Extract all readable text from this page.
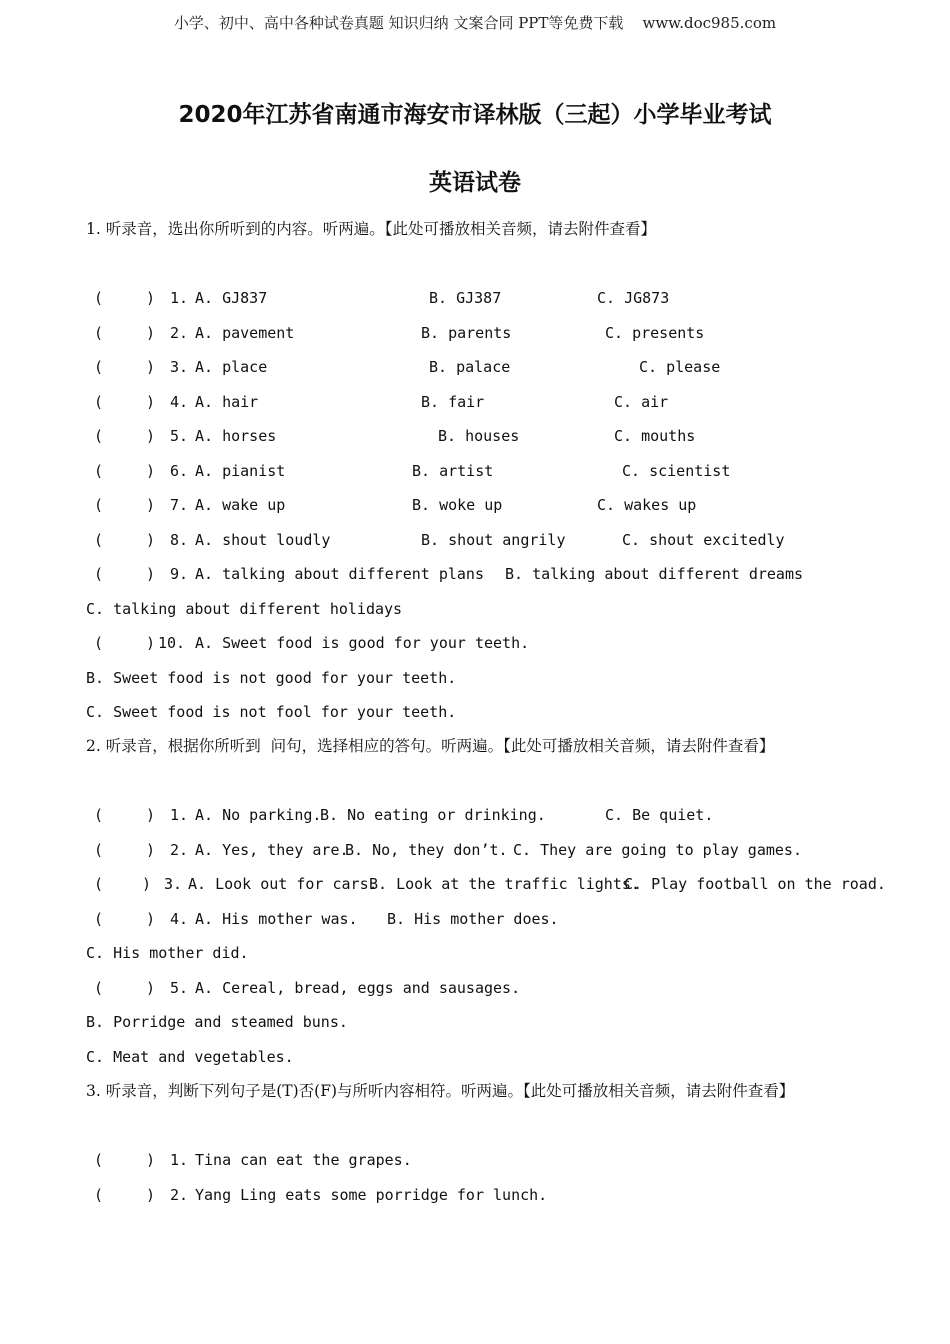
小学、初中、高中各种试卷真题 知识归纳 文案合同 PPT等免费下载    www.doc985.com
2020年江苏省南通市海安市译林版（三起）小学毕业考试
英语试卷
1. 听录音，选出你所听到的内容。听两遍。【此处可播放相关音频，请去附件查看】
(	) 1. A. GJ837	B. GJ387	C. JG873
(	) 2. A. pavement	B. parents	C. presents
(	) 3. A. place	B. palace	C. please
(	) 4. A. hair	B. fair	C. air
(	) 5. A. horses	B. houses	C. mouths
(	) 6. A. pianist	B. artist	C. scientist
(	) 7. A. wake up	B. woke up	C. wakes up
(	) 8. A. shout loudly	B. shout angrily	C. shout excitedly
(	) 9. A. talking about different plans B. talking about different dreams
C. talking about different holidays
(	) 10. A. Sweet food is good for your teeth.
B. Sweet food is not good for your teeth.
C. Sweet food is not fool for your teeth.
2. 听录音，根据你所听到  问句，选择相应的答句。听两遍。【此处可播放相关音频，请去附件查看】
(	) 1. A. No parking.
B. No eating or drinking.	C. Be quiet.
(	) 2. A. Yes, they are.
B. No, they don’t. C. They are going to play games.
(	) 3. A. Look out for cars.
B. Look at the traffic lights.
C. Play football on the road.
(	) 4. A. His mother was. B. His mother does.
C. His mother did.
(	) 5. A. Cereal, bread, eggs and sausages.
B. Porridge and steamed buns.
C. Meat and vegetables.
3. 听录音，判断下列句子是(T)否(F)与所听内容相符。听两遍。【此处可播放相关音频，请去附件查看】
(	) 1. Tina can eat the grapes.
(	) 2. Yang Ling eats some porridge for lunch.
